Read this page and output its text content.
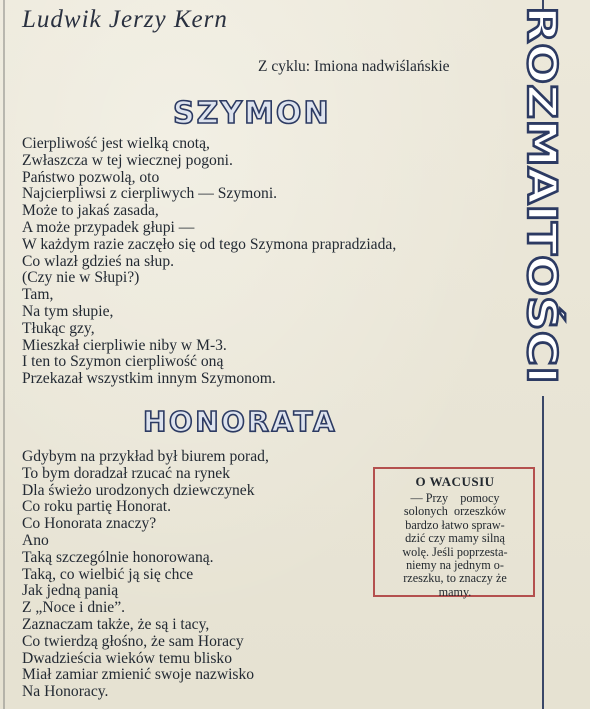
Ludwik Jerzy Kern
Z cyklu: Imiona nadwiślańskie
SZYMON
Cierpliwość jest wielką cnotą,
Zwłaszcza w tej wiecznej pogoni.
Państwo pozwolą, oto
Najcierpliwsi z cierpliwych — Szymoni.
Może to jakaś zasada,
A może przypadek głupi —
W każdym razie zaczęło się od tego Szymona prapradziada,
Co wlazł gdzieś na słup.
(Czy nie w Słupi?)
Tam,
Na tym słupie,
Tłukąc gzy,
Mieszkał cierpliwie niby w M-3.
I ten to Szymon cierpliwość oną
Przekazał wszystkim innym Szymonom.
HONORATA
Gdybym na przykład był biurem porad,
To bym doradzał rzucać na rynek
Dla świeżo urodzonych dziewczynek
Co roku partię Honorat.
Co Honorata znaczy?
Ano
Taką szczególnie honorowaną.
Taką, co wielbić ją się chce
Jak jedną panią
Z „Noce i dnie”.
Zaznaczam także, że są i tacy,
Co twierdzą głośno, że sam Horacy
Dwadzieścia wieków temu blisko
Miał zamiar zmienić swoje nazwisko
Na Honoracy.
O WACUSIU
— Przy    pomocy
solonych  orzeszków
bardzo łatwo spraw-
dzić czy mamy silną
wolę. Jeśli poprzesta-
niemy na jednym o-
rzeszku, to znaczy że
mamy.
ROZMAITOŚCI
